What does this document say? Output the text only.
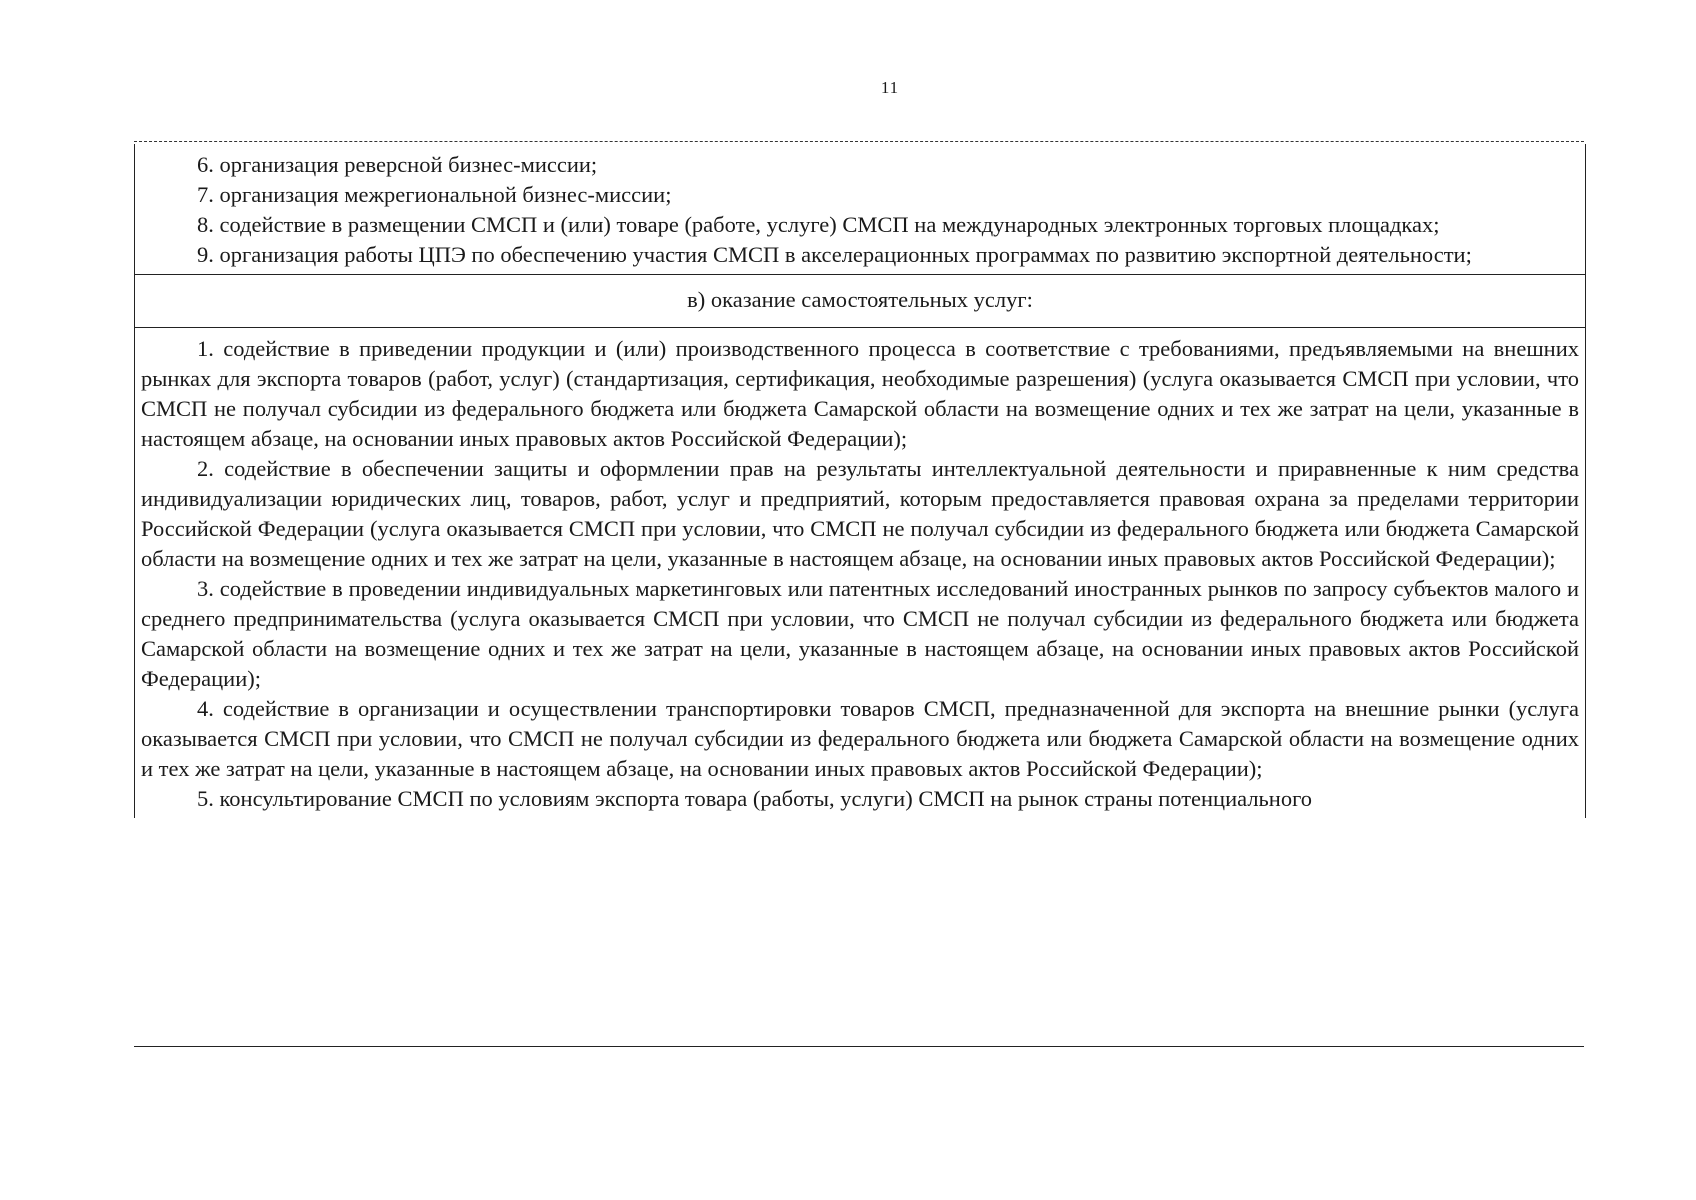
11

6. организация реверсной бизнес-миссии;

7. организация межрегиональной бизнес-миссии;

8. содействие в размещении СМСП и (или) товаре (работе, услуге) СМСП на международных электронных торговых площадках;

9. организация работы ЦПЭ по обеспечению участия СМСП в акселерационных программах по развитию экспортной деятельности;

в) оказание самостоятельных услуг:

1. содействие в приведении продукции и (или) производственного процесса в соответствие с требованиями, предъявляемыми на внешних рынках для экспорта товаров (работ, услуг) (стандартизация, сертификация, необходимые разрешения) (услуга оказывается СМСП при условии, что СМСП не получал субсидии из федерального бюджета или бюджета Самарской области на возмещение одних и тех же затрат на цели, указанные в настоящем абзаце, на основании иных правовых актов Российской Федерации);

2. содействие в обеспечении защиты и оформлении прав на результаты интеллектуальной деятельности и приравненные к ним средства индивидуализации юридических лиц, товаров, работ, услуг и предприятий, которым предоставляется правовая охрана за пределами территории Российской Федерации (услуга оказывается СМСП при условии, что СМСП не получал субсидии из федерального бюджета или бюджета Самарской области на возмещение одних и тех же затрат на цели, указанные в настоящем абзаце, на основании иных правовых актов Российской Федерации);

3. содействие в проведении индивидуальных маркетинговых или патентных исследований иностранных рынков по запросу субъектов малого и среднего предпринимательства (услуга оказывается СМСП при условии, что СМСП не получал субсидии из федерального бюджета или бюджета Самарской области на возмещение одних и тех же затрат на цели, указанные в настоящем абзаце, на основании иных правовых актов Российской Федерации);

4. содействие в организации и осуществлении транспортировки товаров СМСП, предназначенной для экспорта на внешние рынки (услуга оказывается СМСП при условии, что СМСП не получал субсидии из федерального бюджета или бюджета Самарской области на возмещение одних и тех же затрат на цели, указанные в настоящем абзаце, на основании иных правовых актов Российской Федерации);

5. консультирование СМСП по условиям экспорта товара (работы, услуги) СМСП на рынок страны потенциального
